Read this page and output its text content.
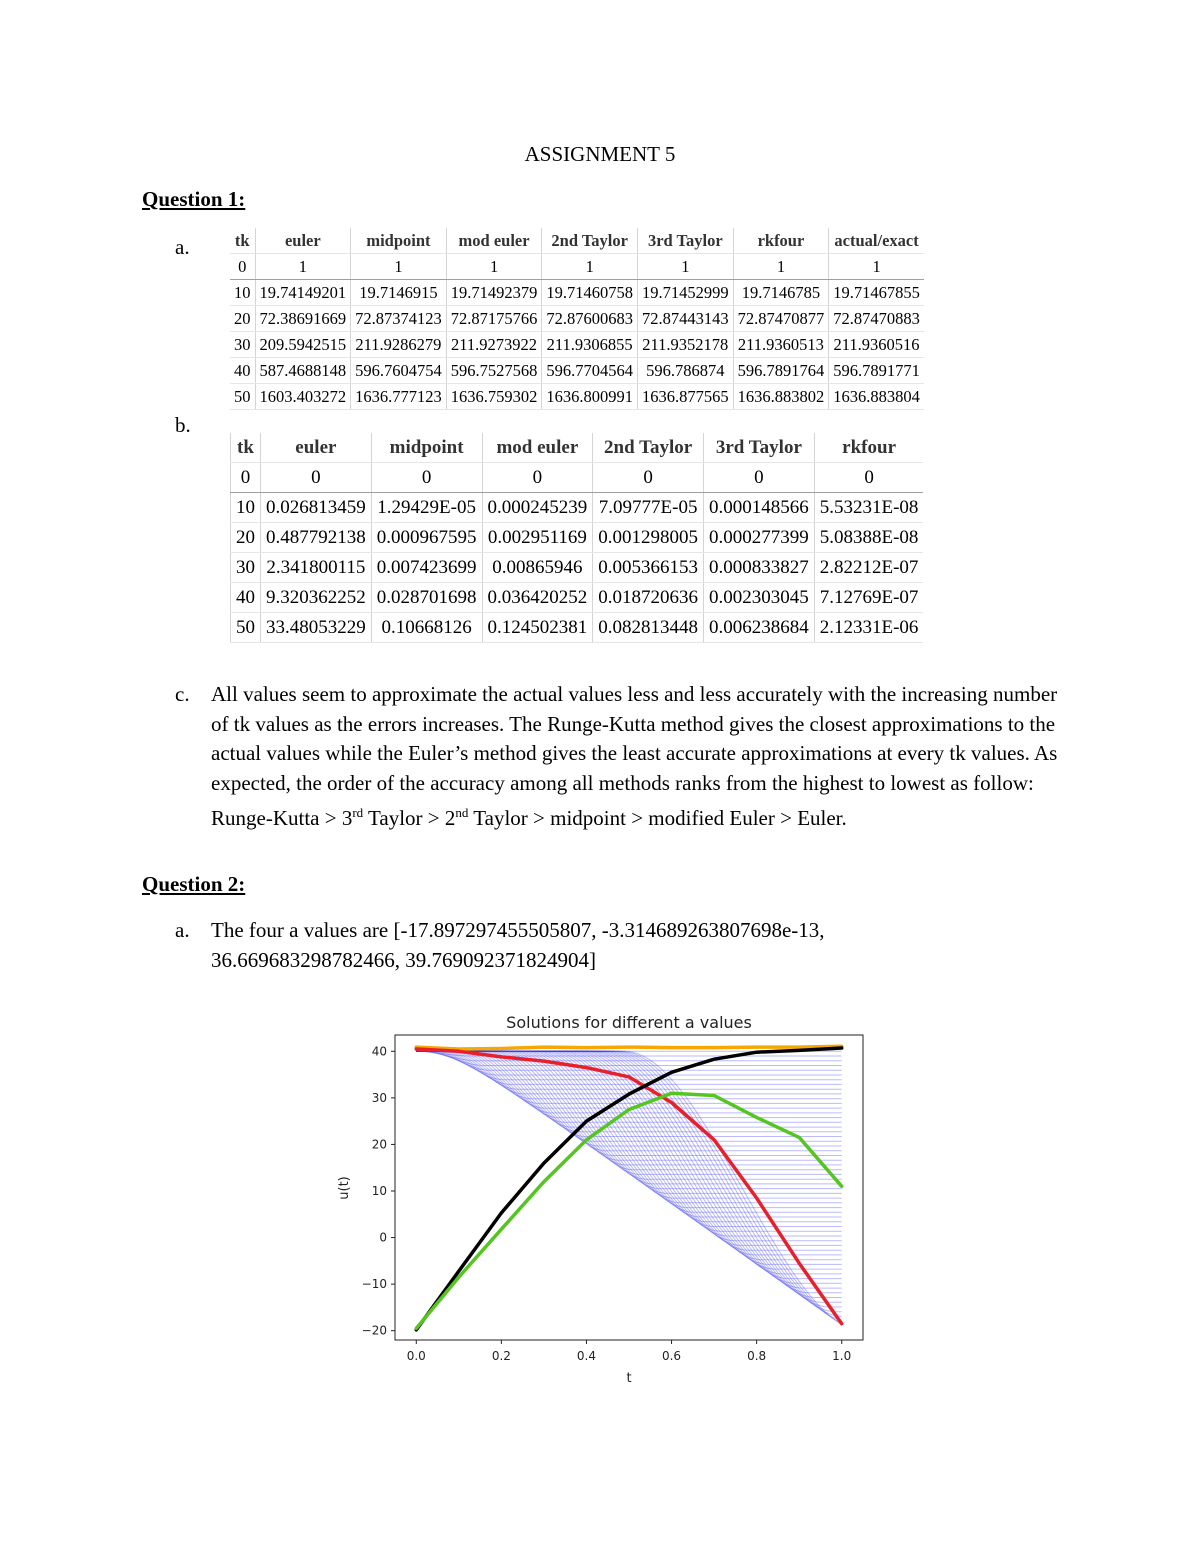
ASSIGNMENT 5
Question 1:
a.	tk	euler	midpoint	mod euler	2nd Taylor	3rd Taylor	rkfour	actual/exact
0	1	1	1	1	1	1	1
10	19.74149201	19.7146915	19.71492379	19.71460758	19.71452999	19.7146785	19.71467855
20	72.38691669	72.87374123	72.87175766	72.87600683	72.87443143	72.87470877	72.87470883
30	209.5942515	211.9286279	211.9273922	211.9306855	211.9352178	211.9360513	211.9360516
40	587.4688148	596.7604754	596.7527568	596.7704564	596.786874	596.7891764	596.7891771
50	1603.403272	1636.777123	1636.759302	1636.800991	1636.877565	1636.883802	1636.883804
b.
tk	euler	midpoint	mod euler	2nd Taylor	3rd Taylor	rkfour
0	0	0	0	0	0	0
10	0.026813459	1.29429E-05	0.000245239	7.09777E-05	0.000148566	5.53231E-08
20	0.487792138	0.000967595	0.002951169	0.001298005	0.000277399	5.08388E-08
30	2.341800115	0.007423699	0.00865946	0.005366153	0.000833827	2.82212E-07
40	9.320362252	0.028701698	0.036420252	0.018720636	0.002303045	7.12769E-07
50	33.48053229	0.10668126	0.124502381	0.082813448	0.006238684	2.12331E-06
c. All values seem to approximate the actual values less and less accurately with the increasing number of tk values as the errors increases. The Runge-Kutta method gives the closest approximations to the actual values while the Euler’s method gives the least accurate approximations at every tk values. As expected, the order of the accuracy among all methods ranks from the highest to lowest as follow: Runge-Kutta > 3rd Taylor > 2nd Taylor > midpoint > modified Euler > Euler.
Question 2:
a. The four a values are [-17.897297455505807, -3.314689263807698e-13, 36.669683298782466, 39.769092371824904]
Solutions for different a values
0.0	0.2	0.4	0.6	0.8	1.0
−20
−10
0
10
20
30
40
t
u(t)
